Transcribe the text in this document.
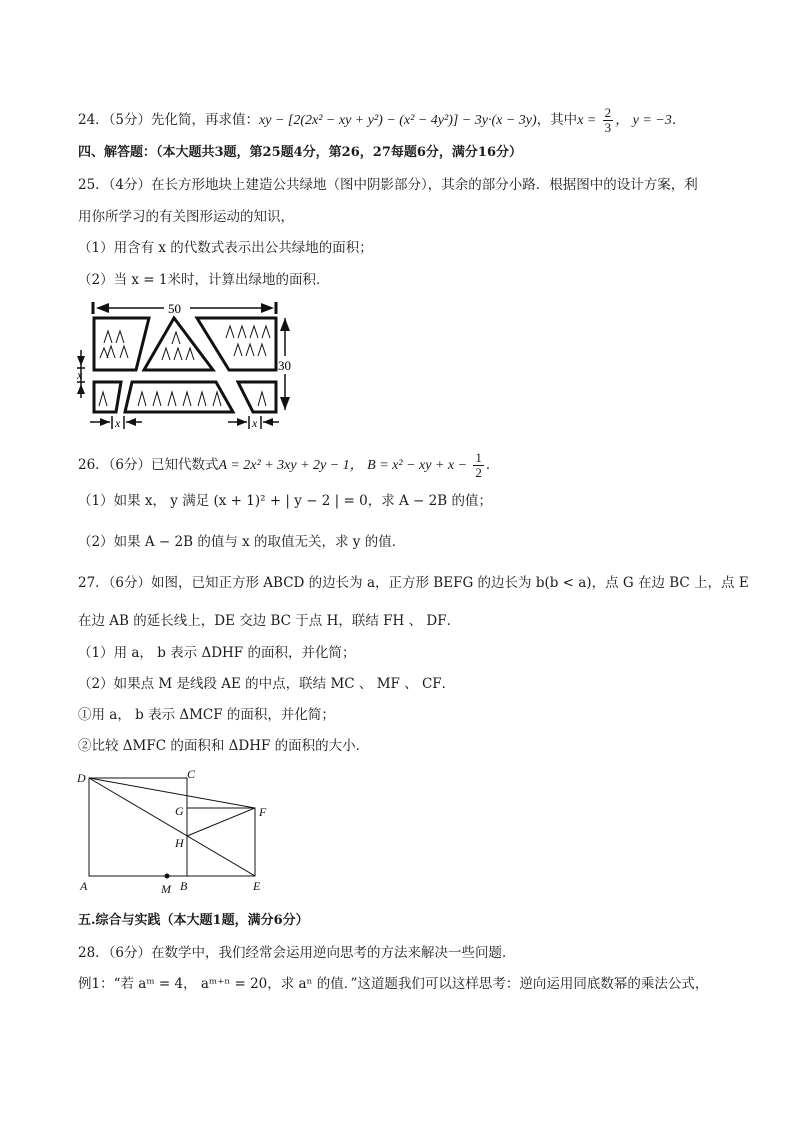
24．（5分）先化简，再求值：xy − [2(2x² − xy + y²) − (x² − 4y²)] − 3y·(x − 3y)，其中$x = \frac{2}{3}$ ， y = −3．
四、解答题：（本大题共3题，第25题4分，第26，27每题6分，满分16分）
25．（4分）在长方形地块上建造公共绿地（图中阴影部分），其余的部分小路．根据图中的设计方案，利
用你所学习的有关图形运动的知识，
（1）用含有 x 的代数式表示出公共绿地的面积；
（2）当 x = 1米时，计算出绿地的面积．
50
30
x
x	x
26．（6分）已知代数式A = 2x² + 3xy + 2y − 1， B = x² − xy + $x - \frac{1}{2}$ ．
（1）如果 x， y 满足 (x + 1)² + | y − 2 | = 0，求 A − 2B 的值；
（2）如果 A − 2B 的值与 x 的取值无关，求 y 的值．
27．（6分）如图，已知正方形 ABCD 的边长为 a，正方形 BEFG 的边长为 b(b < a)，点 G 在边 BC 上，点 E
在边 AB 的延长线上，DE 交边 BC 于点 H，联结 FH 、 DF．
（1）用 a， b 表示 ΔDHF 的面积，并化简；
（2）如果点 M 是线段 AE 的中点，联结 MC 、 MF 、 CF．
①用 a， b 表示 ΔMCF 的面积，并化简；
②比较 ΔMFC 的面积和 ΔDHF 的面积的大小．
D	C
G	F
H
A	M B	E
五.综合与实践（本大题1题，满分6分）
28．（6分）在数学中，我们经常会运用逆向思考的方法来解决一些问题．
例1：“若 aᵐ = 4， aᵐ⁺ⁿ = 20，求 aⁿ 的值．”这道题我们可以这样思考：逆向运用同底数幂的乘法公式，
